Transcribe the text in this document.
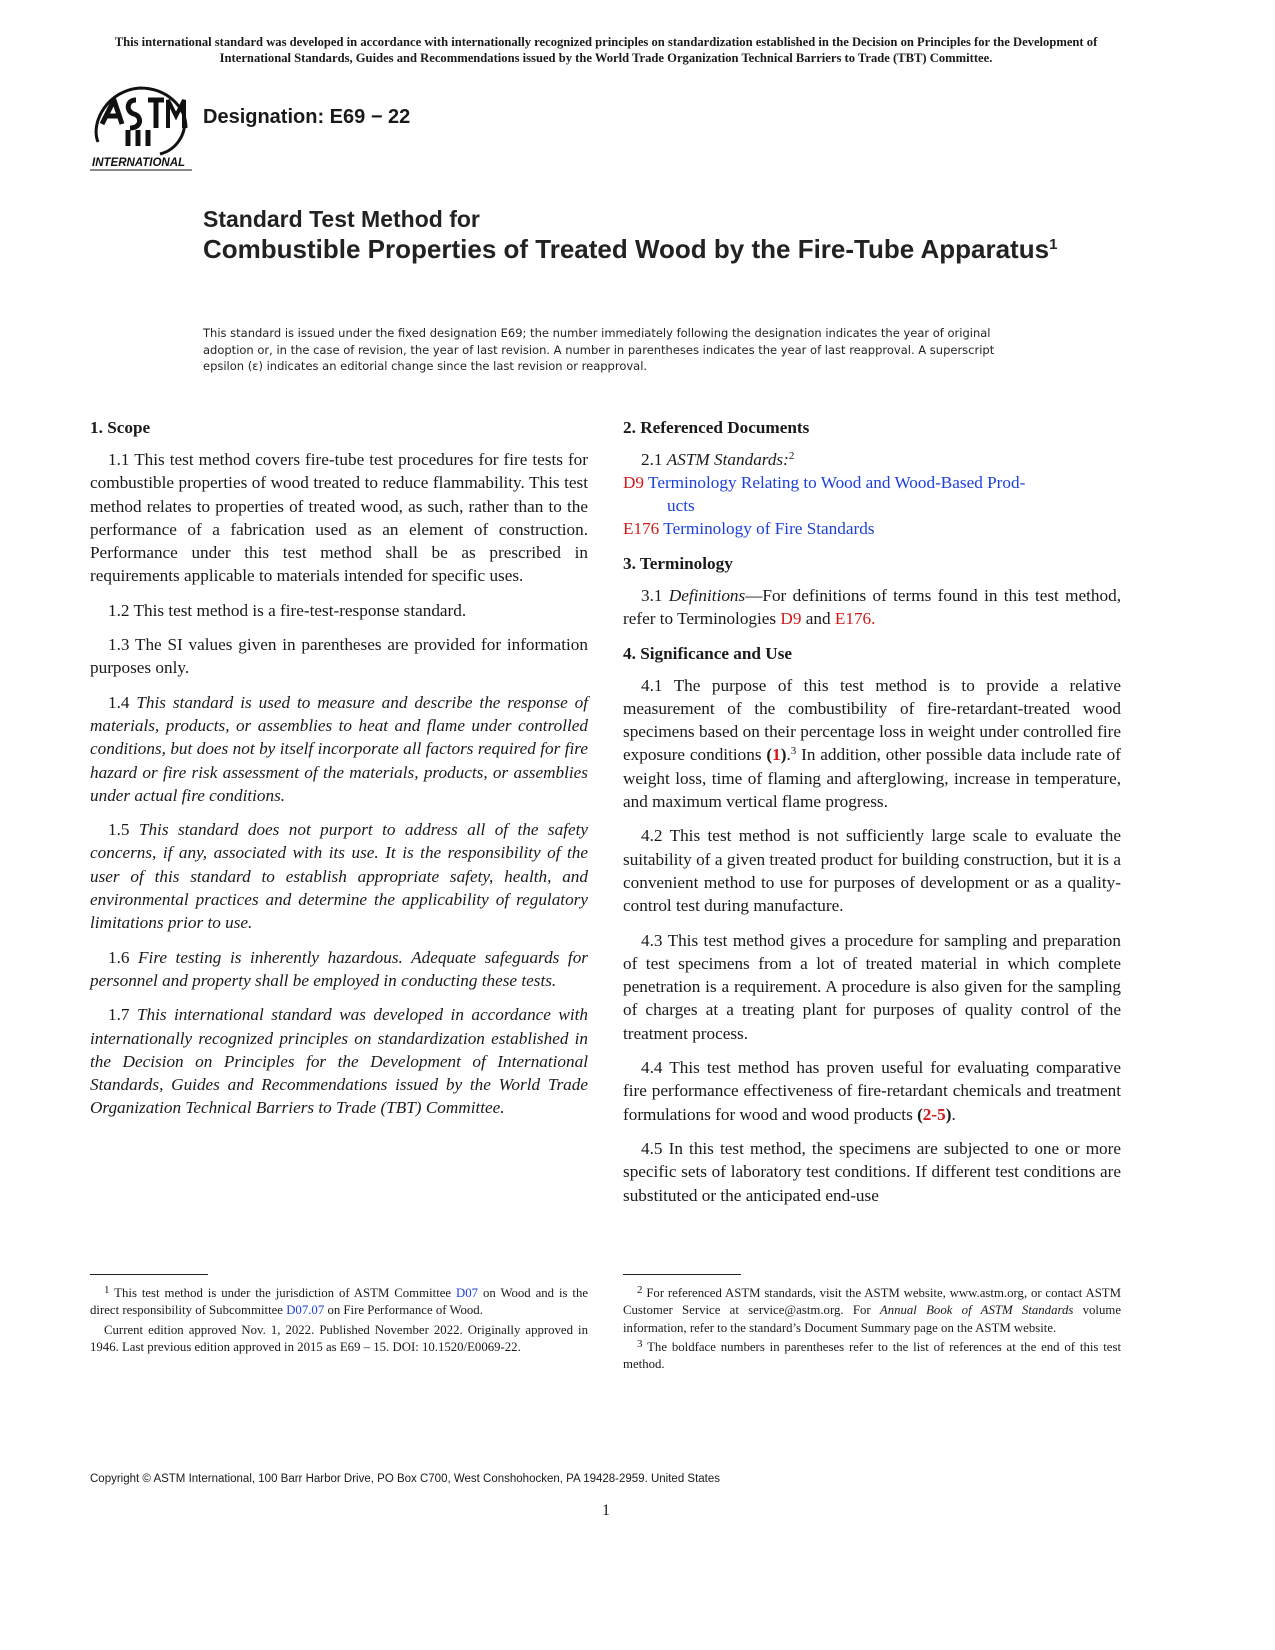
This international standard was developed in accordance with internationally recognized principles on standardization established in the Decision on Principles for the Development of International Standards, Guides and Recommendations issued by the World Trade Organization Technical Barriers to Trade (TBT) Committee.
INTERNATIONAL
Designation: E69 − 22
Standard Test Method for
Combustible Properties of Treated Wood by the Fire-Tube Apparatus$^1$
This standard is issued under the fixed designation E69; the number immediately following the designation indicates the year of original adoption or, in the case of revision, the year of last revision. A number in parentheses indicates the year of last reapproval. A superscript epsilon (ε) indicates an editorial change since the last revision or reapproval.
1. Scope

1.1 This test method covers fire-tube test procedures for fire tests for combustible properties of wood treated to reduce flammability. This test method relates to properties of treated wood, as such, rather than to the performance of a fabrication used as an element of construction. Performance under this test method shall be as prescribed in requirements applicable to materials intended for specific uses.

1.2 This test method is a fire-test-response standard.

1.3 The SI values given in parentheses are provided for information purposes only.

1.4 This standard is used to measure and describe the response of materials, products, or assemblies to heat and flame under controlled conditions, but does not by itself incorporate all factors required for fire hazard or fire risk assessment of the materials, products, or assemblies under actual fire conditions.

1.5 This standard does not purport to address all of the safety concerns, if any, associated with its use. It is the responsibility of the user of this standard to establish appropriate safety, health, and environmental practices and determine the applicability of regulatory limitations prior to use.

1.6 Fire testing is inherently hazardous. Adequate safeguards for personnel and property shall be employed in conducting these tests.

1.7 This international standard was developed in accordance with internationally recognized principles on standardization established in the Decision on Principles for the Development of International Standards, Guides and Recommendations issued by the World Trade Organization Technical Barriers to Trade (TBT) Committee.

2. Referenced Documents

2.1 ASTM Standards:$^2$

D9 Terminology Relating to Wood and Wood-Based Prod-

ucts

E176 Terminology of Fire Standards

3. Terminology

3.1 Definitions—For definitions of terms found in this test method, refer to Terminologies D9 and E176.

4. Significance and Use

4.1 The purpose of this test method is to provide a relative measurement of the combustibility of fire-retardant-treated wood specimens based on their percentage loss in weight under controlled fire exposure conditions (1).$^3$ In addition, other possible data include rate of weight loss, time of flaming and afterglowing, increase in temperature, and maximum vertical flame progress.

4.2 This test method is not sufficiently large scale to evaluate the suitability of a given treated product for building construction, but it is a convenient method to use for purposes of development or as a quality-control test during manufacture.

4.3 This test method gives a procedure for sampling and preparation of test specimens from a lot of treated material in which complete penetration is a requirement. A procedure is also given for the sampling of charges at a treating plant for purposes of quality control of the treatment process.

4.4 This test method has proven useful for evaluating comparative fire performance effectiveness of fire-retardant chemicals and treatment formulations for wood and wood products (2-5).

4.5 In this test method, the specimens are subjected to one or more specific sets of laboratory test conditions. If different test conditions are substituted or the anticipated end-use

$^1$ This test method is under the jurisdiction of ASTM Committee D07 on Wood and is the direct responsibility of Subcommittee D07.07 on Fire Performance of Wood.

Current edition approved Nov. 1, 2022. Published November 2022. Originally approved in 1946. Last previous edition approved in 2015 as E69 – 15. DOI: 10.1520/E0069-22.

$^2$ For referenced ASTM standards, visit the ASTM website, www.astm.org, or contact ASTM Customer Service at service@astm.org. For Annual Book of ASTM Standards volume information, refer to the standard’s Document Summary page on the ASTM website.

$^3$ The boldface numbers in parentheses refer to the list of references at the end of this test method.

Copyright © ASTM International, 100 Barr Harbor Drive, PO Box C700, West Conshohocken, PA 19428-2959. United States
1
